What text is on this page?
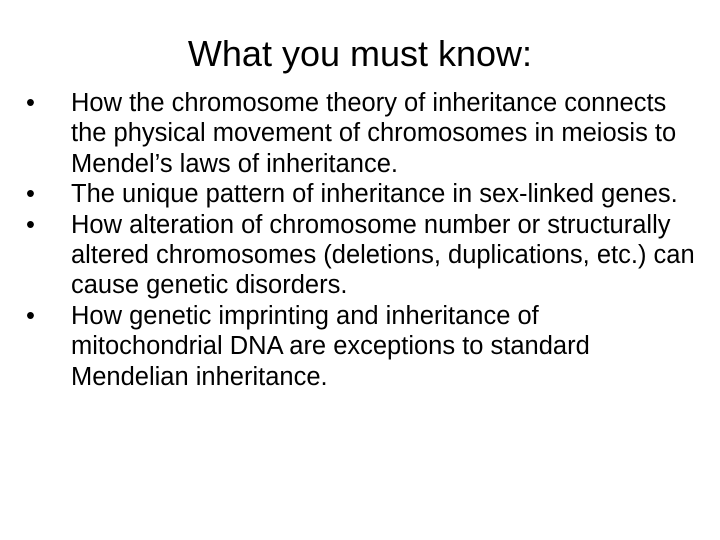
What you must know:
•	How the chromosome theory of inheritance connects the physical movement of chromosomes in meiosis to Mendel’s laws of inheritance.
•	The unique pattern of inheritance in sex-linked genes.
•	How alteration of chromosome number or structurally altered chromosomes (deletions, duplications, etc.) can cause genetic disorders.
•	How genetic imprinting and inheritance of mitochondrial DNA are exceptions to standard Mendelian inheritance.
